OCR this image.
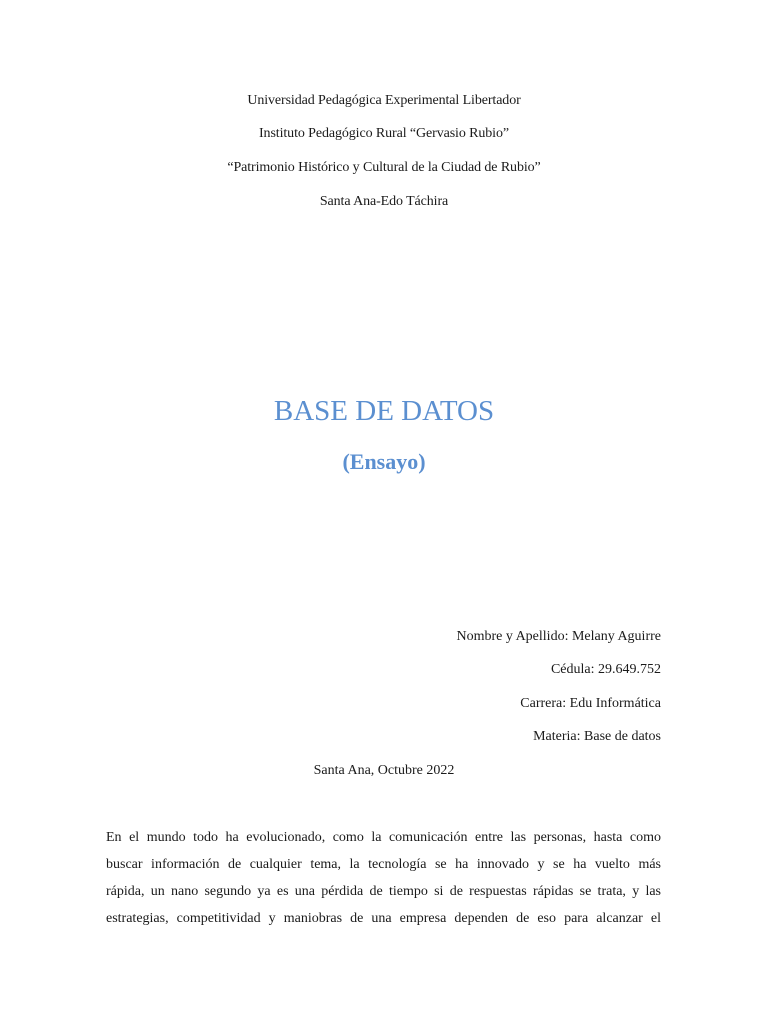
Universidad Pedagógica Experimental Libertador
Instituto Pedagógico Rural “Gervasio Rubio”
“Patrimonio Histórico y Cultural de la Ciudad de Rubio”
Santa Ana-Edo Táchira
BASE DE DATOS
(Ensayo)
Nombre y Apellido: Melany Aguirre
Cédula: 29.649.752
Carrera: Edu Informática
Materia: Base de datos
Santa Ana, Octubre 2022
En el mundo todo ha evolucionado, como la comunicación entre las personas, hasta como
buscar información de cualquier tema, la tecnología se ha innovado y se ha vuelto más
rápida, un nano segundo ya es una pérdida de tiempo si de respuestas rápidas se trata, y las
estrategias, competitividad y maniobras de una empresa dependen de eso para alcanzar el
